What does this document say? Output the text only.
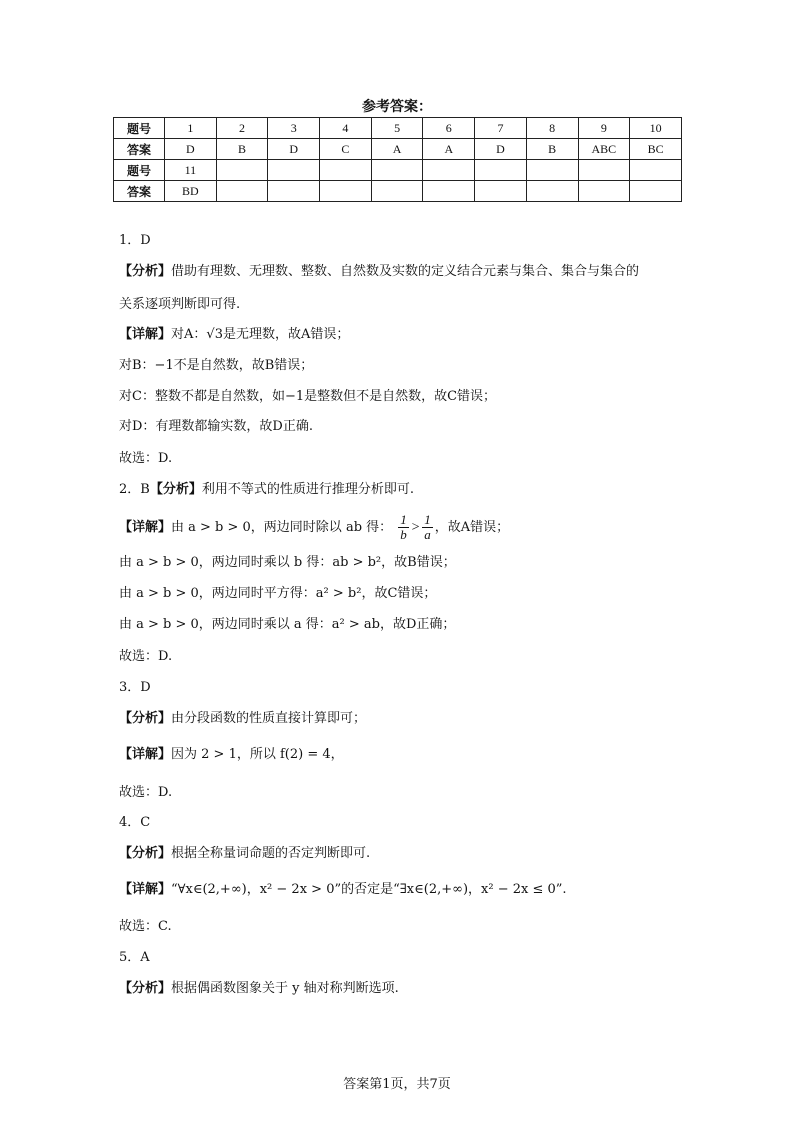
参考答案：
题号	1	2	3	4	5	6	7	8	9	10
答案	D	B	D	C	A	A	D	B	ABC	BC
题号	11									
答案	BD									
1．D
【分析】借助有理数、无理数、整数、自然数及实数的定义结合元素与集合、集合与集合的
关系逐项判断即可得.
【详解】对A：√3是无理数，故A错误；
对B：−1不是自然数，故B错误；
对C：整数不都是自然数，如−1是整数但不是自然数，故C错误；
对D：有理数都输实数，故D正确.
故选：D.
2．B【分析】利用不等式的性质进行推理分析即可.
【详解】由 a > b > 0，两边同时除以 ab 得： $\frac{1}{b} > \frac{1}{a}$ ，故A错误；
由 a > b > 0，两边同时乘以 b 得：ab > b²，故B错误；
由 a > b > 0，两边同时平方得：a² > b²，故C错误；
由 a > b > 0，两边同时乘以 a 得：a² > ab，故D正确；
故选：D.
3．D
【分析】由分段函数的性质直接计算即可；
【详解】因为 2 > 1，所以 f(2) = 4，
故选：D.
4．C
【分析】根据全称量词命题的否定判断即可.
【详解】“∀x∈(2,+∞)，x² − 2x > 0”的否定是“∃x∈(2,+∞)，x² − 2x ≤ 0”.
故选：C.
5．A
【分析】根据偶函数图象关于 y 轴对称判断选项.
答案第1页，共7页
